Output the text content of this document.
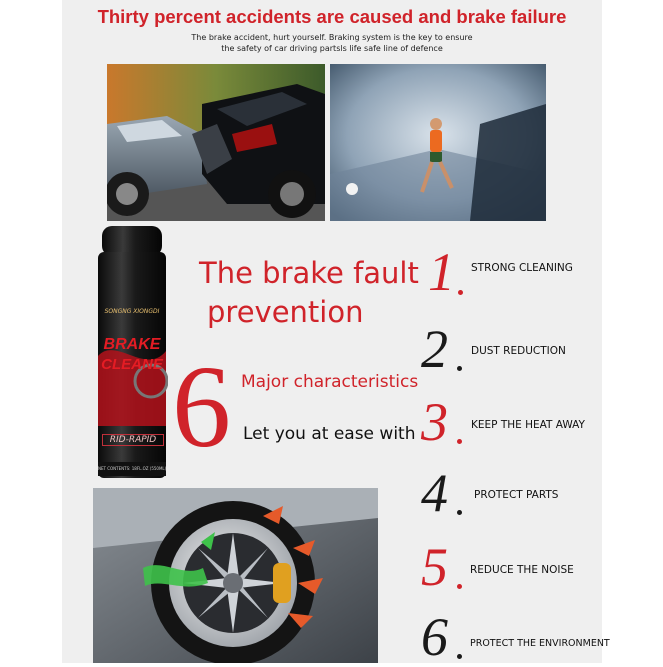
Thirty percent accidents are caused and brake failure
The brake accident, hurt yourself. Braking system is the key to ensure
the safety of car driving partsls life safe line of defence
SONGNG XIONGDI
BRAKE
CLEANE
RID-RAPID
NET CONTENTS: 18FL.OZ (550ML)
The brake fault
prevention
6 Major characteristics
Let you at ease with
1 STRONG CLEANING
2 DUST REDUCTION
3 KEEP THE HEAT AWAY
4 PROTECT PARTS
5 REDUCE THE NOISE
6 PROTECT THE ENVIRONMENT
